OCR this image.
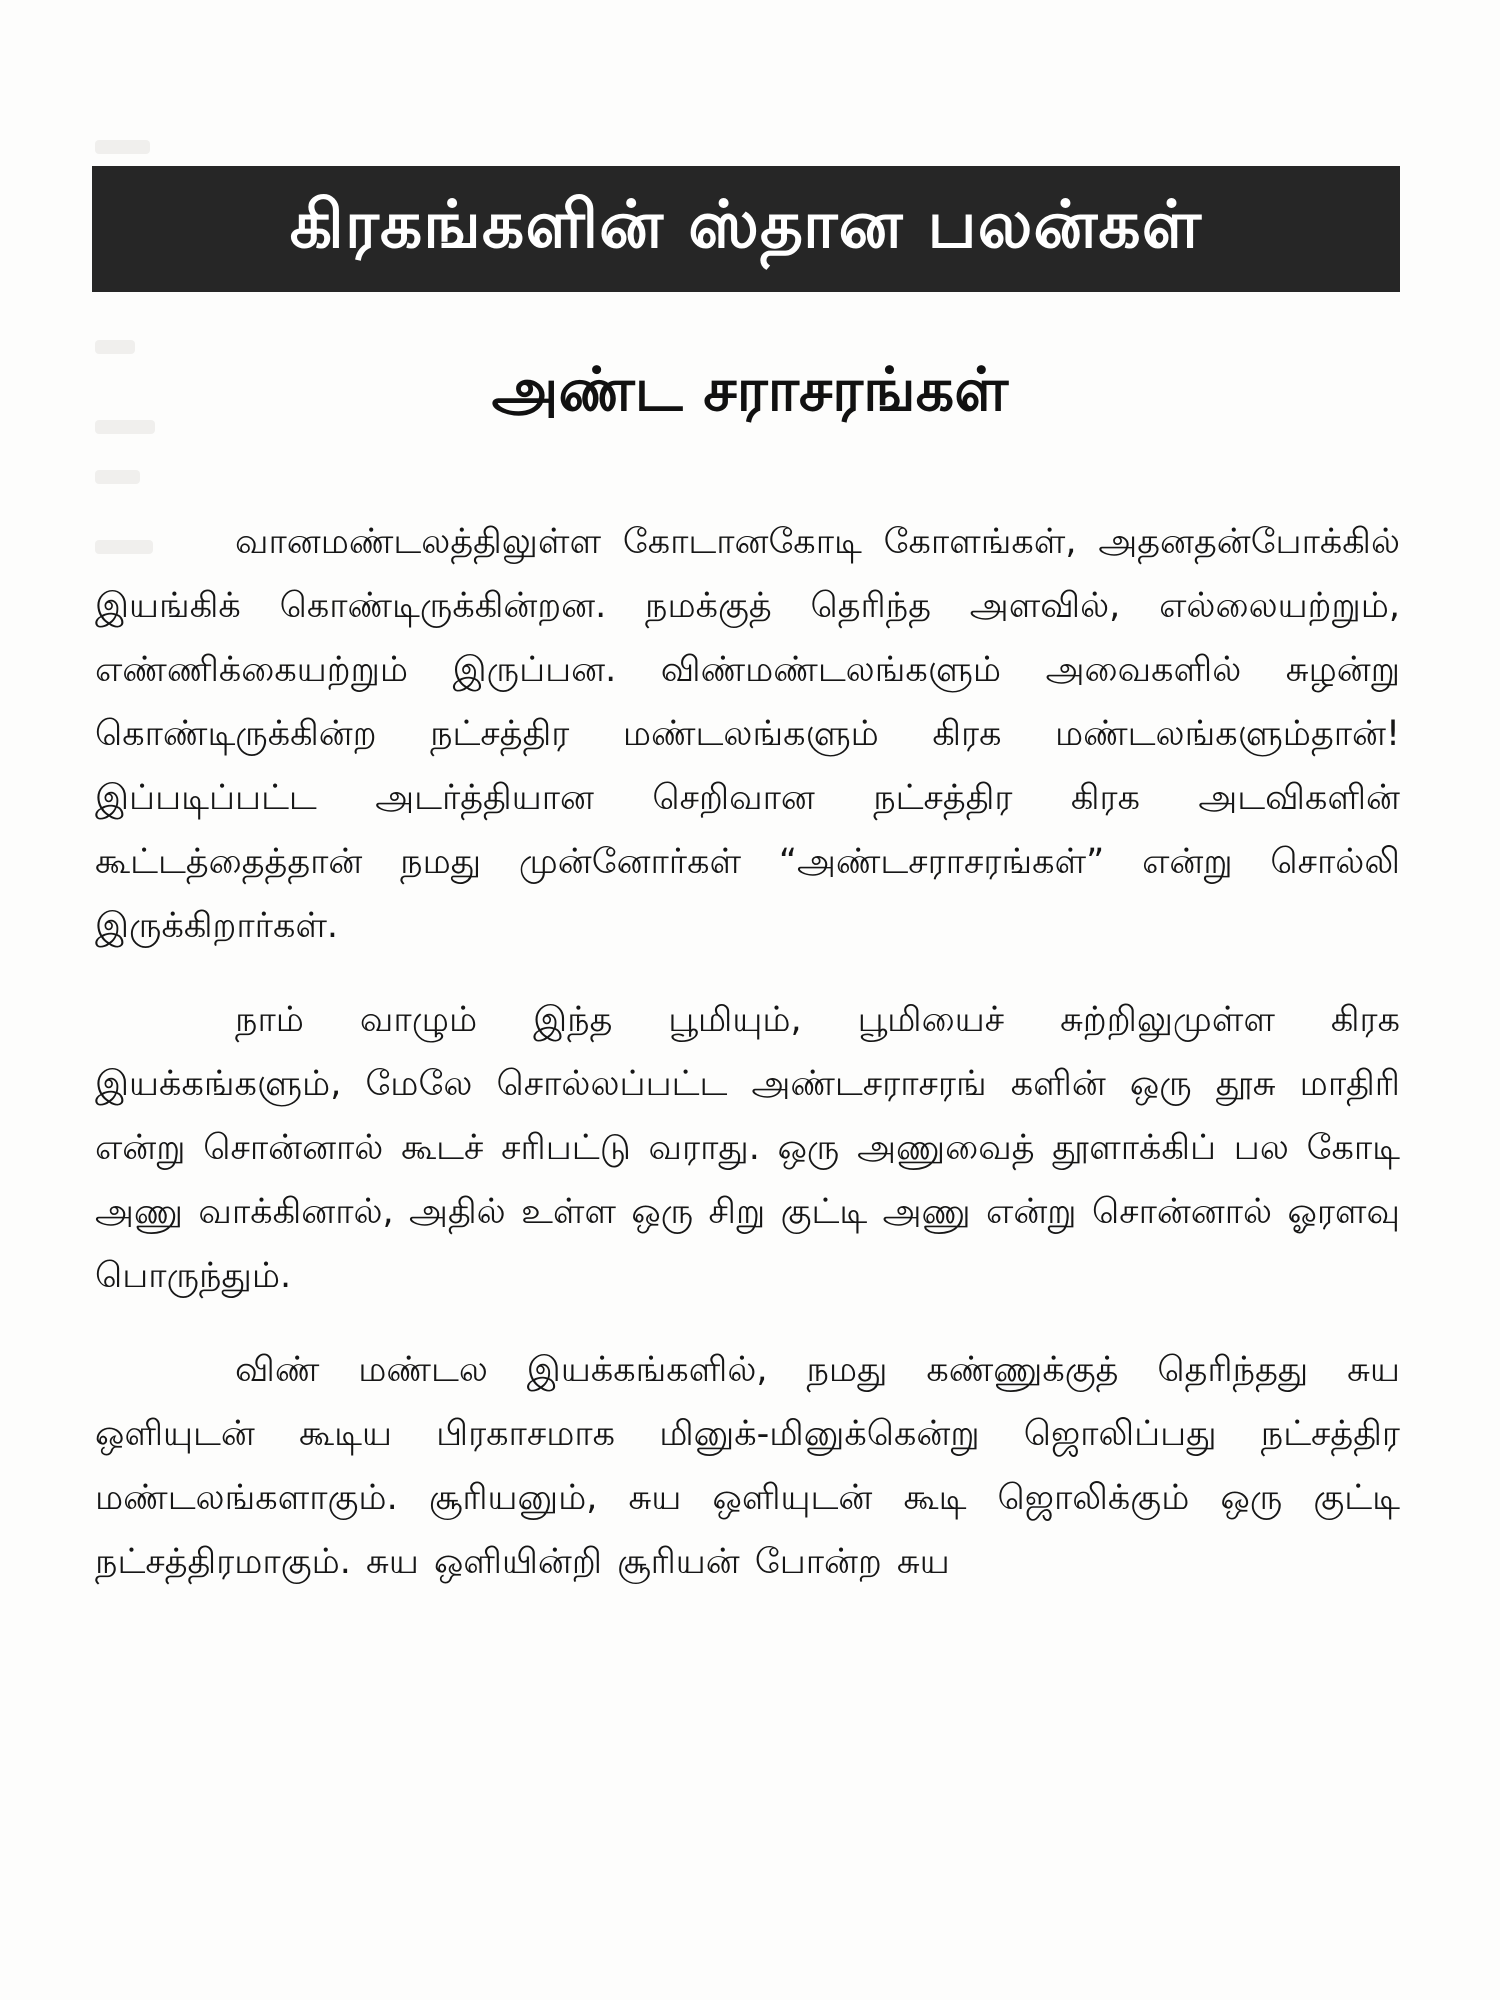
கிரகங்களின் ஸ்தான பலன்கள்
அண்ட சராசரங்கள்

வானமண்டலத்திலுள்ள கோடானகோடி கோளங்கள், அதனதன்போக்கில் இயங்கிக் கொண்டிருக்கின்றன. நமக்குத் தெரிந்த அளவில், எல்லையற்றும், எண்ணிக்கையற்றும் இருப்பன. விண்மண்டலங்களும் அவைகளில் சுழன்று கொண்டிருக்கின்ற நட்சத்திர மண்டலங்களும் கிரக மண்டலங்களும்தான்! இப்படிப்பட்ட அடர்த்தியான செறிவான நட்சத்திர கிரக அடவிகளின் கூட்டத்தைத்தான் நமது முன்னோர்கள் “அண்டசராசரங்கள்” என்று சொல்லி இருக்கிறார்கள்.

நாம் வாழும் இந்த பூமியும், பூமியைச் சுற்றிலுமுள்ள கிரக இயக்கங்களும், மேலே சொல்லப்பட்ட அண்டசராசரங் களின் ஒரு தூசு மாதிரி என்று சொன்னால் கூடச் சரிபட்டு வராது. ஒரு அணுவைத் தூளாக்கிப் பல கோடி அணு வாக்கினால், அதில் உள்ள ஒரு சிறு குட்டி அணு என்று சொன்னால் ஓரளவு பொருந்தும்.

விண் மண்டல இயக்கங்களில், நமது கண்ணுக்குத் தெரிந்தது சுய ஒளியுடன் கூடிய பிரகாசமாக மினுக்-மினுக்கென்று ஜொலிப்பது நட்சத்திர மண்டலங்களாகும். சூரியனும், சுய ஒளியுடன் கூடி ஜொலிக்கும் ஒரு குட்டி நட்சத்திரமாகும். சுய ஒளியின்றி சூரியன் போன்ற சுய
